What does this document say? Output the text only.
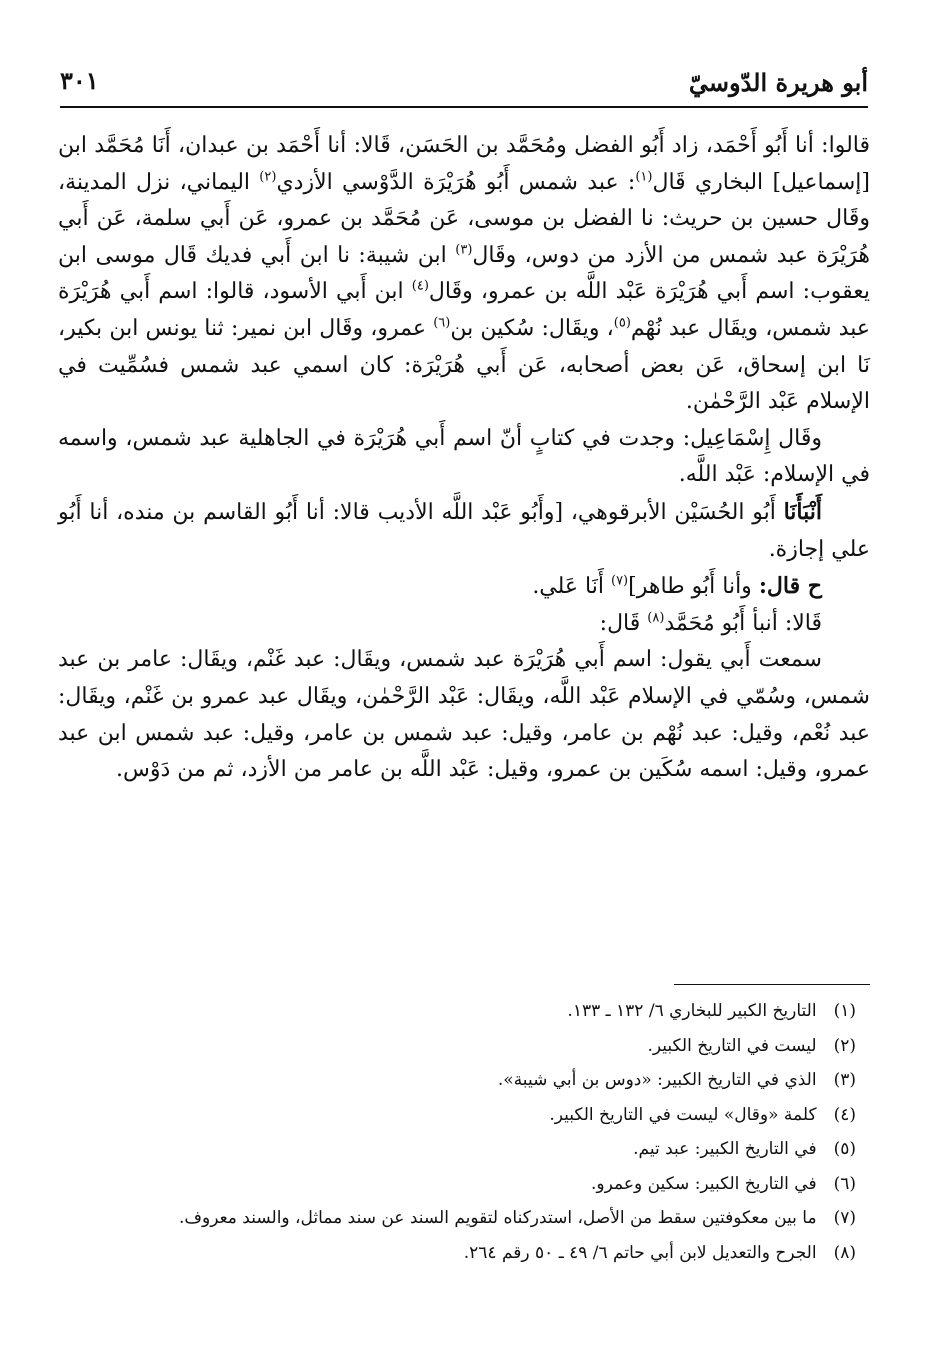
٣٠١	أبو هريرة الدّوسيّ

قالوا: أنا أَبُو أَحْمَد، زاد أَبُو الفضل ومُحَمَّد بن الحَسَن، قَالا: أنا أَحْمَد بن عبدان، أَنَا مُحَمَّد ابن [إسماعيل] البخاري قَال$^{(١)}$: عبد شمس أَبُو هُرَيْرَة الدَّوْسي الأزدي$^{(٢)}$ اليماني، نزل المدينة، وقَال حسين بن حريث: نا الفضل بن موسى، عَن مُحَمَّد بن عمرو، عَن أَبي سلمة، عَن أَبي هُرَيْرَة عبد شمس من الأزد من دوس، وقَال$^{(٣)}$ ابن شيبة: نا ابن أَبي فديك قَال موسى ابن يعقوب: اسم أَبي هُرَيْرَة عَبْد اللَّه بن عمرو، وقَال$^{(٤)}$ ابن أَبي الأسود، قالوا: اسم أَبي هُرَيْرَة عبد شمس، ويقَال عبد نُهْم$^{(٥)}$، ويقَال: سُكين بن$^{(٦)}$ عمرو، وقَال ابن نمير: ثنا يونس ابن بكير، نَا ابن إسحاق، عَن بعض أصحابه، عَن أَبي هُرَيْرَة: كان اسمي عبد شمس فسُمِّيت في الإسلام عَبْد الرَّحْمٰن.

وقَال إِسْمَاعِيل: وجدت في كتابٍ أنّ اسم أَبي هُرَيْرَة في الجاهلية عبد شمس، واسمه في الإسلام: عَبْد اللَّه.

أَنْبَأَنَا أَبُو الحُسَيْن الأبرقوهي، [وأَبُو عَبْد اللَّه الأديب قالا: أنا أَبُو القاسم بن منده، أنا أَبُو علي إجازة.

ح قال: وأنا أَبُو طاهر]$^{(٧)}$ أَنَا عَلي.

قَالا: أنبأ أَبُو مُحَمَّد$^{(٨)}$ قَال:

سمعت أَبي يقول: اسم أَبي هُرَيْرَة عبد شمس، ويقَال: عبد غَنْم، ويقَال: عامر بن عبد شمس، وسُمّي في الإسلام عَبْد اللَّه، ويقَال: عَبْد الرَّحْمٰن، ويقَال عبد عمرو بن غَنْم، ويقَال: عبد نُعْم، وقيل: عبد نُهْم بن عامر، وقيل: عبد شمس بن عامر، وقيل: عبد شمس ابن عبد عمرو، وقيل: اسمه سُكَين بن عمرو، وقيل: عَبْد اللَّه بن عامر من الأزد، ثم من دَوْس.

(١) التاريخ الكبير للبخاري ٦/ ١٣٢ ـ ١٣٣.
(٢) ليست في التاريخ الكبير.
(٣) الذي في التاريخ الكبير: «دوس بن أبي شيبة».
(٤) كلمة «وقال» ليست في التاريخ الكبير.
(٥) في التاريخ الكبير: عبد تيم.
(٦) في التاريخ الكبير: سكين وعمرو.
(٧) ما بين معكوفتين سقط من الأصل، استدركناه لتقويم السند عن سند مماثل، والسند معروف.
(٨) الجرح والتعديل لابن أبي حاتم ٦/ ٤٩ ـ ٥٠ رقم ٢٦٤.
